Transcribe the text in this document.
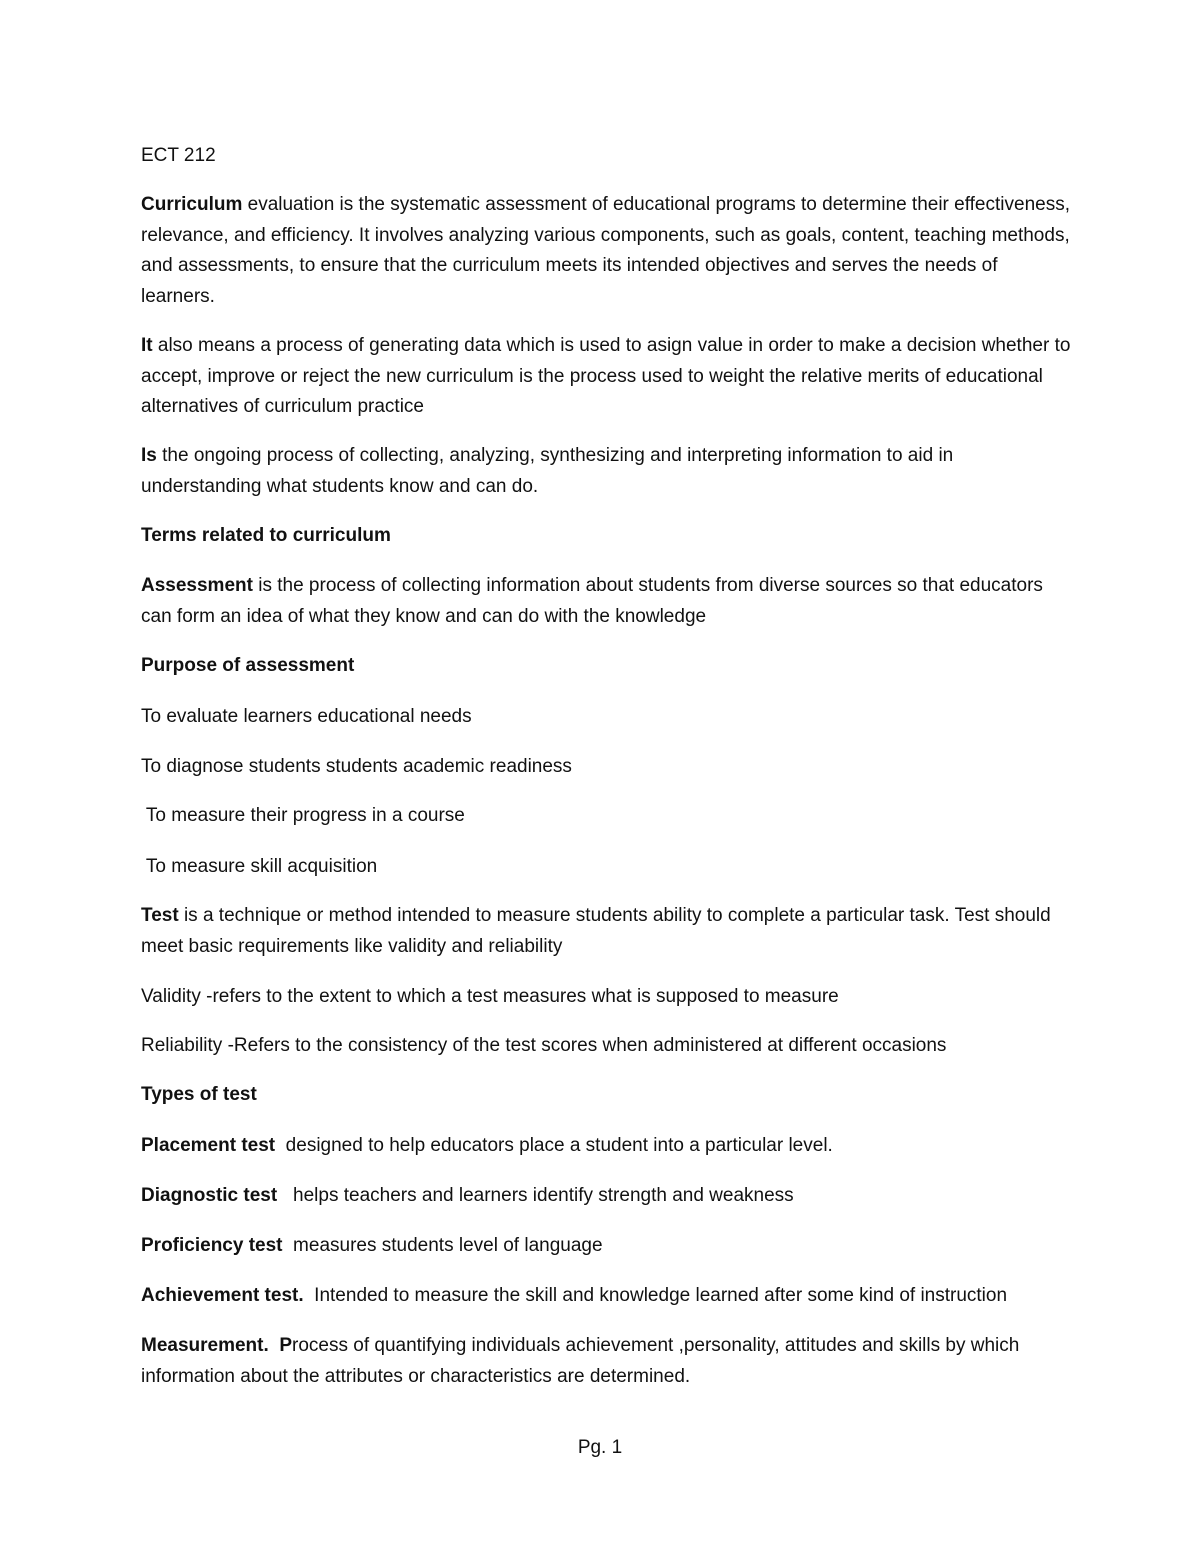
ECT 212

Curriculum evaluation is the systematic assessment of educational programs to determine their effectiveness, relevance, and efficiency. It involves analyzing various components, such as goals, content, teaching methods, and assessments, to ensure that the curriculum meets its intended objectives and serves the needs of learners.

It also means a process of generating data which is used to asign value in order to make a decision whether to accept, improve or reject the new curriculum is the process used to weight the relative merits of educational alternatives of curriculum practice

Is the ongoing process of collecting, analyzing, synthesizing and interpreting information to aid in understanding what students know and can do.

Terms related to curriculum

Assessment is the process of collecting information about students from diverse sources so that educators can form an idea of what they know and can do with the knowledge

Purpose of assessment

To evaluate learners educational needs

To diagnose students students academic readiness

To measure their progress in a course

To measure skill acquisition

Test is a technique or method intended to measure students ability to complete a particular task. Test should meet basic requirements like validity and reliability

Validity -refers to the extent to which a test measures what is supposed to measure

Reliability -Refers to the consistency of the test scores when administered at different occasions

Types of test

Placement test  designed to help educators place a student into a particular level.

Diagnostic test   helps teachers and learners identify strength and weakness

Proficiency test  measures students level of language

Achievement test.  Intended to measure the skill and knowledge learned after some kind of instruction

Measurement.  Process of quantifying individuals achievement ,personality, attitudes and skills by which information about the attributes or characteristics are determined.

Pg. 1
